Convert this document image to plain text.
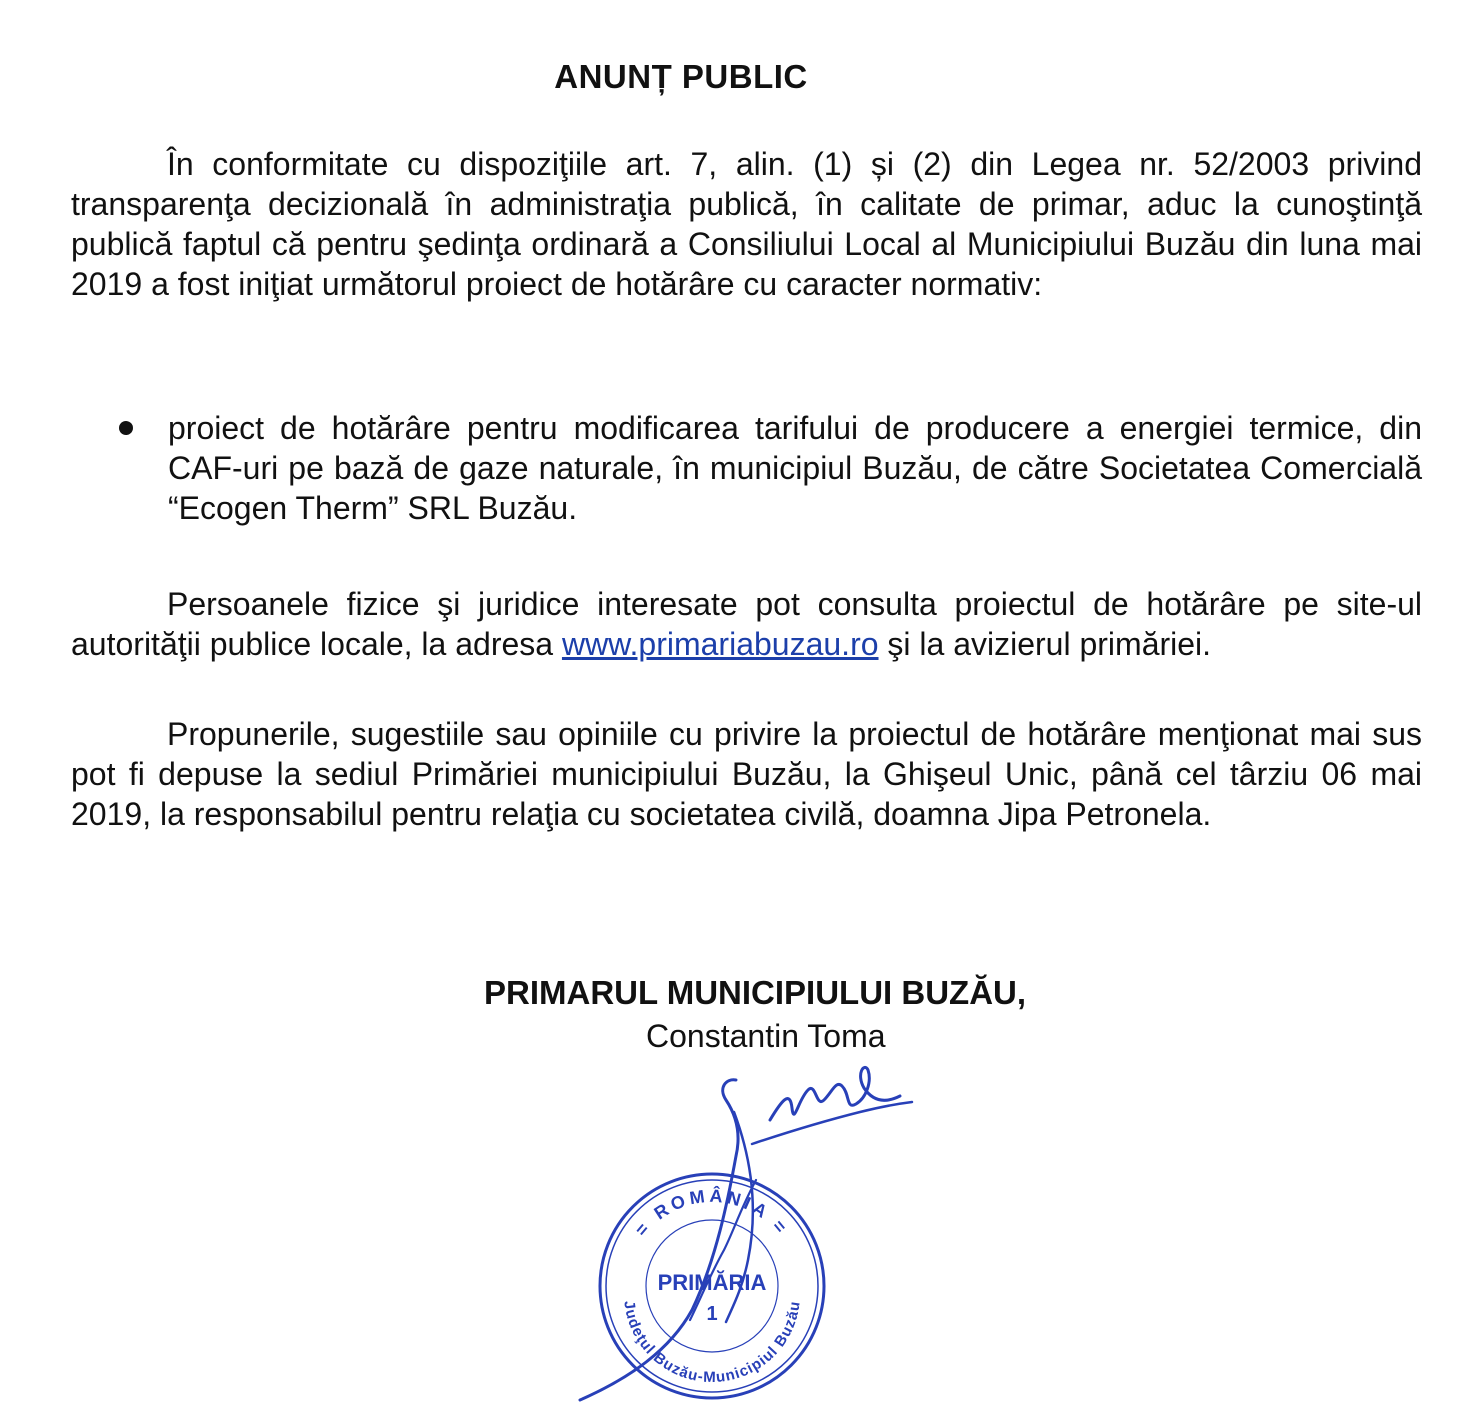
ANUNȚ PUBLIC

În conformitate cu dispoziţiile art. 7, alin. (1) și (2) din Legea nr. 52/2003 privind transparenţa decizională în administraţia publică, în calitate de primar, aduc la cunoştinţă publică faptul că pentru şedinţa ordinară a Consiliului Local al Municipiului Buzău din luna mai 2019 a fost iniţiat următorul proiect de hotărâre cu caracter normativ:

proiect de hotărâre pentru modificarea tarifului de producere a energiei termice, din CAF-uri pe bază de gaze naturale, în municipiul Buzău, de către Societatea Comercială “Ecogen Therm” SRL Buzău.

Persoanele fizice şi juridice interesate pot consulta proiectul de hotărâre pe site-ul autorităţii publice locale, la adresa www.primariabuzau.ro şi la avizierul primăriei.

Propunerile, sugestiile sau opiniile cu privire la proiectul de hotărâre menţionat mai sus pot fi depuse la sediul Primăriei municipiului Buzău, la Ghişeul Unic, până cel târziu 06 mai 2019, la responsabilul pentru relaţia cu societatea civilă, doamna Jipa Petronela.

PRIMARUL MUNICIPIULUI BUZĂU,

Constantin Toma

= ROMÂNIA =
Judeţul Buzău-Municipiul Buzău
PRIMĂRIA
1
